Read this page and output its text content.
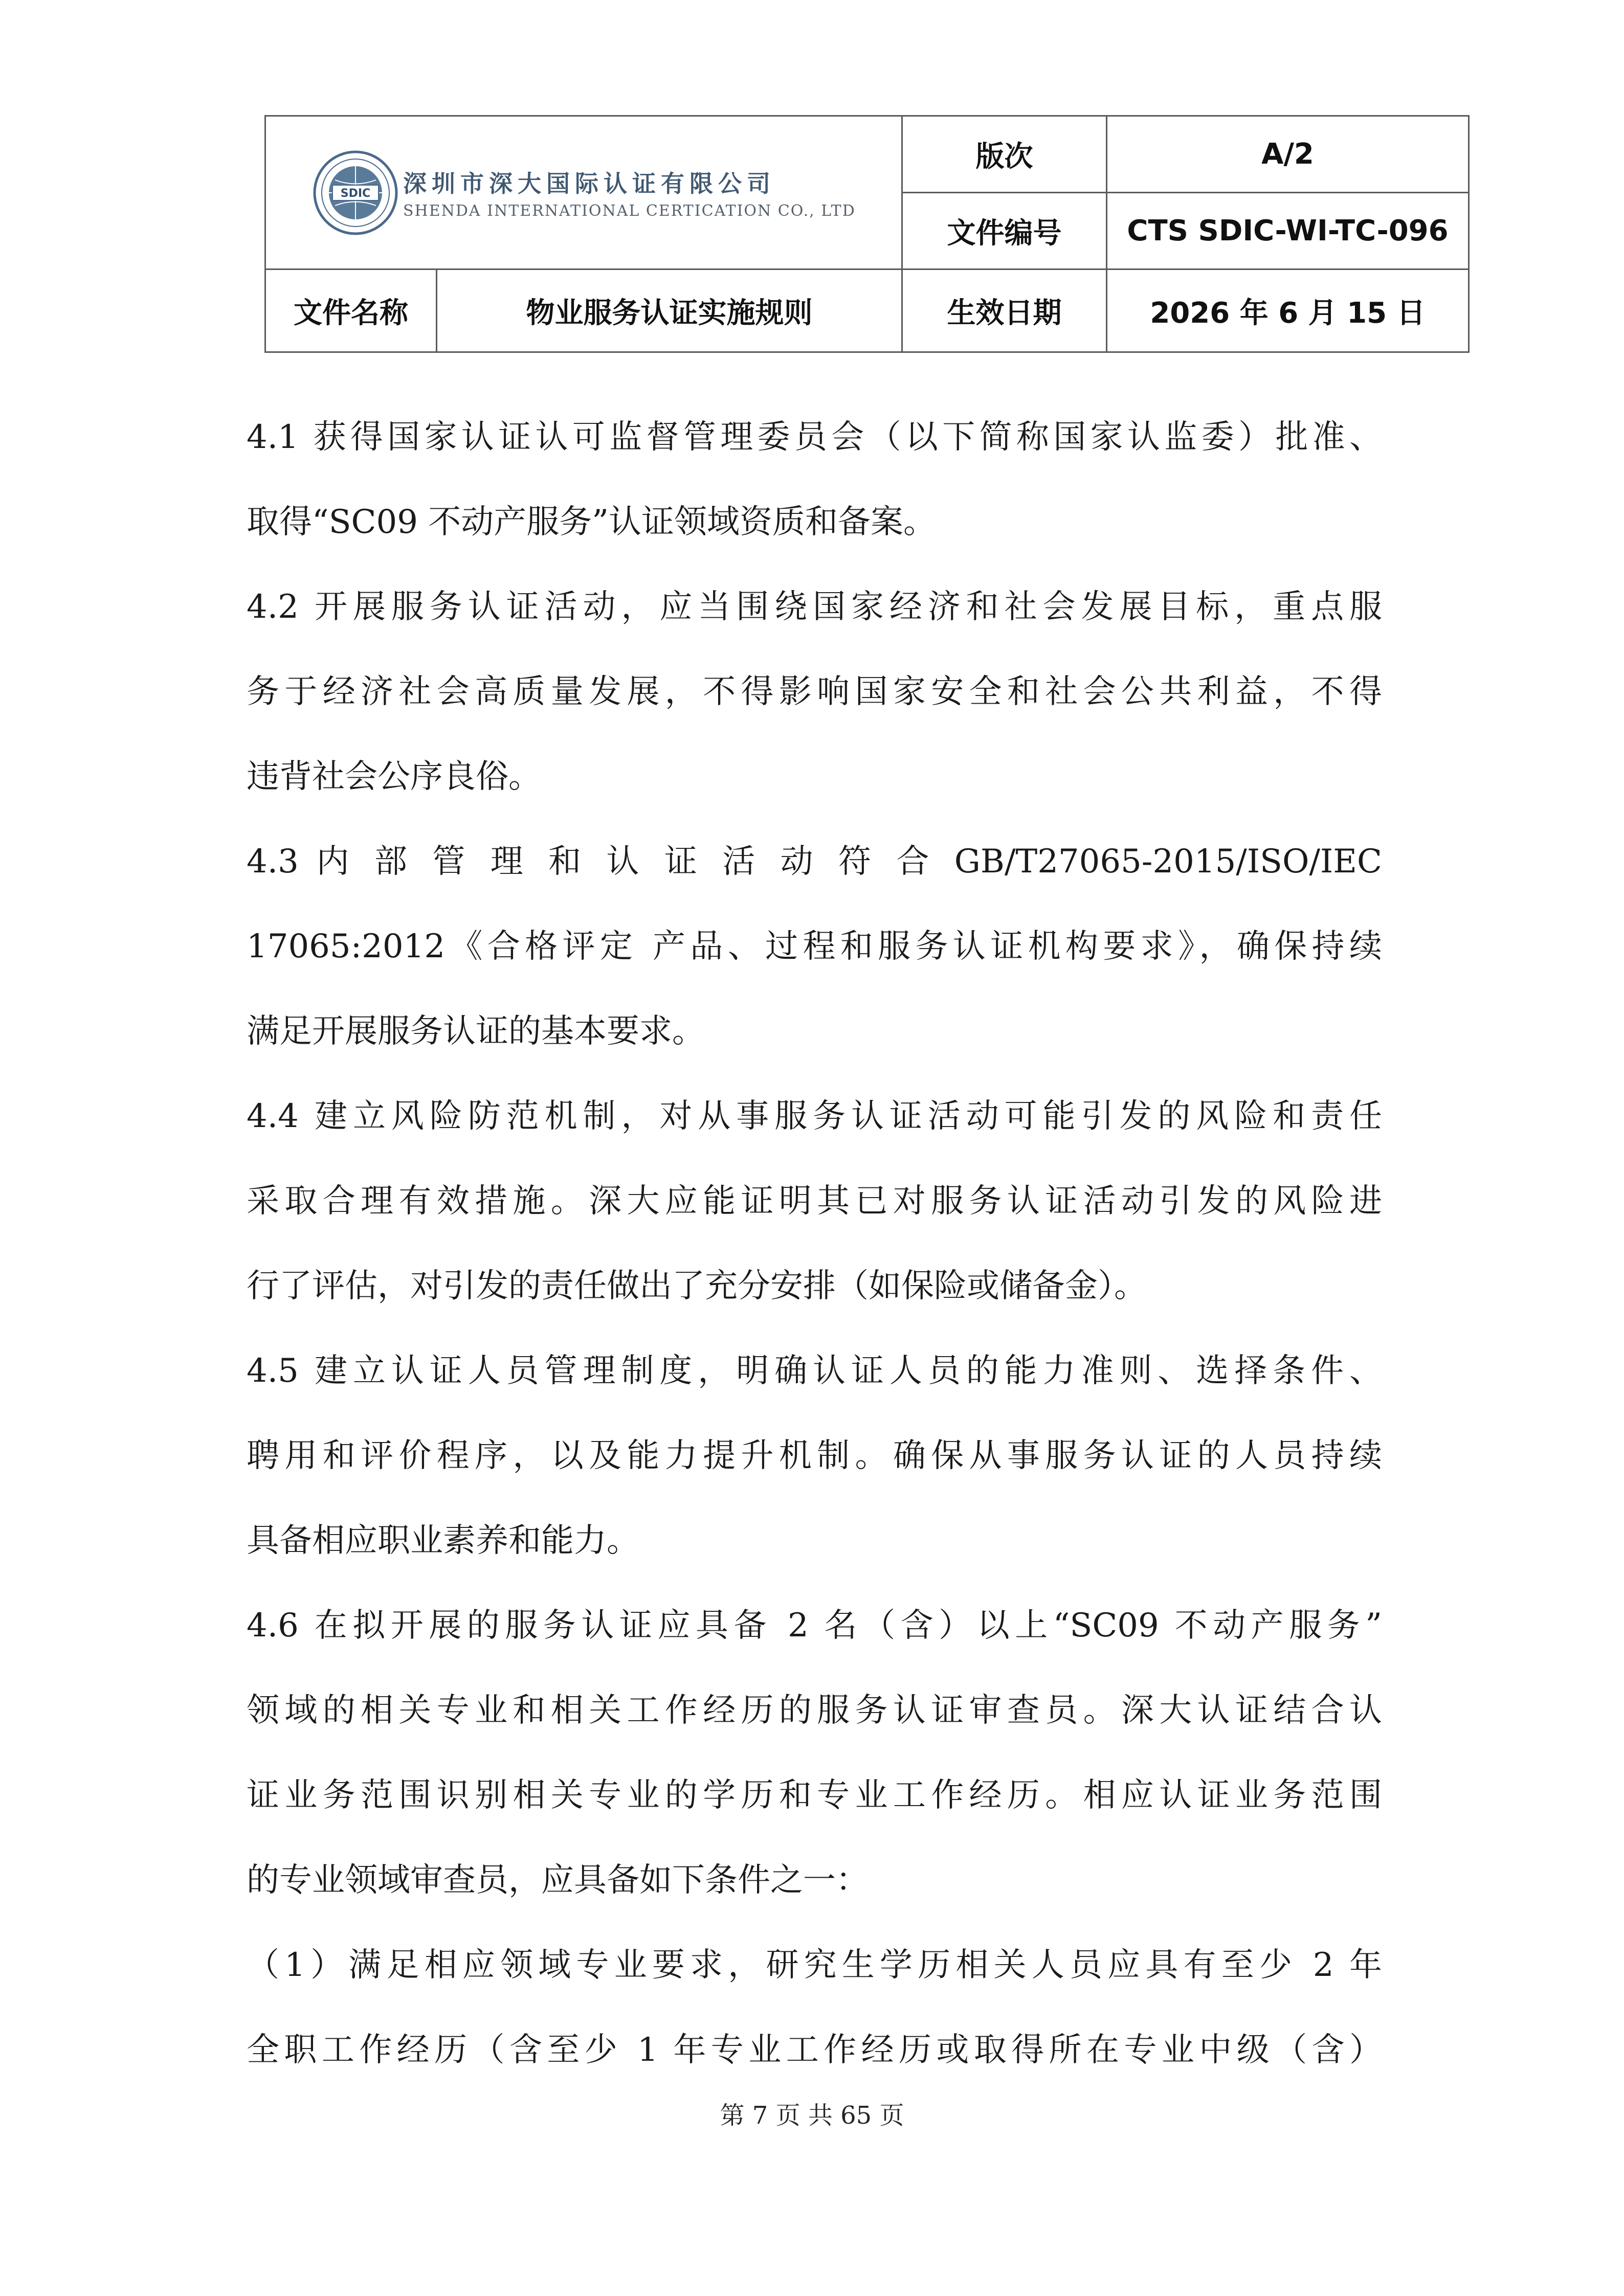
SDIC 深圳市深大国际认证有限公司
SHENDA INTERNATIONAL CERTICATION CO., LTD		版次	A/2
		文件编号	CTS SDIC-WI-TC-096
文件名称	物业服务认证实施规则	生效日期	2026 年 6 月 15 日

4.1 获得国家认证认可监督管理委员会（以下简称国家认监委）批准、
取得“SC09 不动产服务”认证领域资质和备案。

4.2 开展服务认证活动，应当围绕国家经济和社会发展目标，重点服
务于经济社会高质量发展，不得影响国家安全和社会公共利益，不得
违背社会公序良俗。

4.3 内 部 管 理 和 认 证 活 动 符 合 GB/T27065-2015/ISO/IEC
17065:2012《合格评定 产品、过程和服务认证机构要求》，确保持续
满足开展服务认证的基本要求。

4.4 建立风险防范机制，对从事服务认证活动可能引发的风险和责任
采取合理有效措施。深大应能证明其已对服务认证活动引发的风险进
行了评估，对引发的责任做出了充分安排（如保险或储备金）。

4.5 建立认证人员管理制度，明确认证人员的能力准则、选择条件、
聘用和评价程序，以及能力提升机制。确保从事服务认证的人员持续
具备相应职业素养和能力。

4.6 在拟开展的服务认证应具备 2 名（含）以上“SC09 不动产服务”
领域的相关专业和相关工作经历的服务认证审查员。深大认证结合认
证业务范围识别相关专业的学历和专业工作经历。相应认证业务范围
的专业领域审查员，应具备如下条件之一：

（1）满足相应领域专业要求，研究生学历相关人员应具有至少 2 年
全职工作经历（含至少 1 年专业工作经历或取得所在专业中级（含）

第 7 页 共 65 页
